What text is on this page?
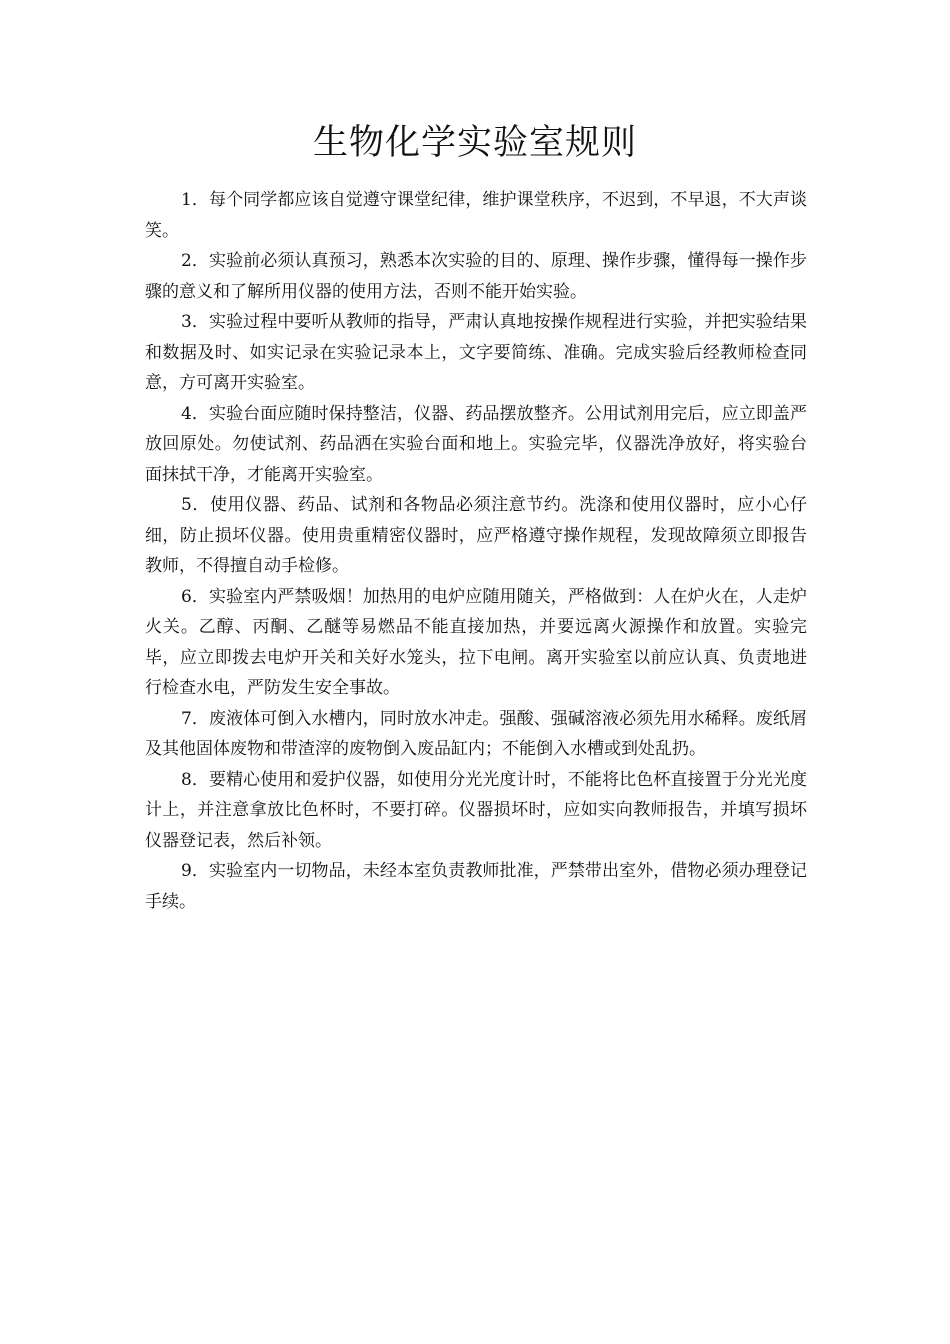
生物化学实验室规则

1．每个同学都应该自觉遵守课堂纪律，维护课堂秩序，不迟到，不早退，不大声谈笑。

2．实验前必须认真预习，熟悉本次实验的目的、原理、操作步骤，懂得每一操作步骤的意义和了解所用仪器的使用方法，否则不能开始实验。

3．实验过程中要听从教师的指导，严肃认真地按操作规程进行实验，并把实验结果和数据及时、如实记录在实验记录本上，文字要简练、准确。完成实验后经教师检查同意，方可离开实验室。

4．实验台面应随时保持整洁，仪器、药品摆放整齐。公用试剂用完后，应立即盖严放回原处。勿使试剂、药品洒在实验台面和地上。实验完毕，仪器洗净放好，将实验台面抹拭干净，才能离开实验室。

5．使用仪器、药品、试剂和各物品必须注意节约。洗涤和使用仪器时，应小心仔细，防止损坏仪器。使用贵重精密仪器时，应严格遵守操作规程，发现故障须立即报告教师，不得擅自动手检修。

6．实验室内严禁吸烟！加热用的电炉应随用随关，严格做到：人在炉火在，人走炉火关。乙醇、丙酮、乙醚等易燃品不能直接加热，并要远离火源操作和放置。实验完毕，应立即拨去电炉开关和关好水笼头，拉下电闸。离开实验室以前应认真、负责地进行检查水电，严防发生安全事故。

7．废液体可倒入水槽内，同时放水冲走。强酸、强碱溶液必须先用水稀释。废纸屑及其他固体废物和带渣滓的废物倒入废品缸内；不能倒入水槽或到处乱扔。

8．要精心使用和爱护仪器，如使用分光光度计时，不能将比色杯直接置于分光光度计上，并注意拿放比色杯时，不要打碎。仪器损坏时，应如实向教师报告，并填写损坏仪器登记表，然后补领。

9．实验室内一切物品，未经本室负责教师批准，严禁带出室外，借物必须办理登记手续。
